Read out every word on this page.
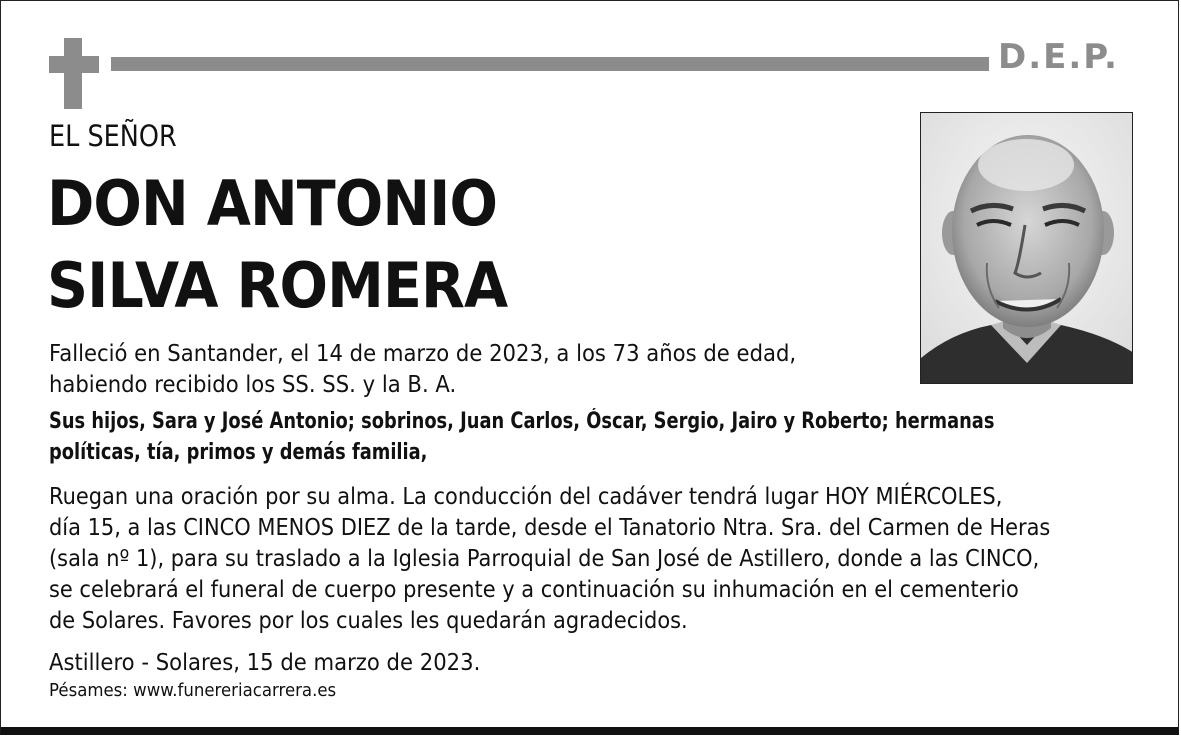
D.E.P.
EL SEÑOR
DON ANTONIO
SILVA ROMERA
Falleció en Santander, el 14 de marzo de 2023, a los 73 años de edad,
habiendo recibido los SS. SS. y la B. A.
Sus hijos, Sara y José Antonio; sobrinos, Juan Carlos, Óscar, Sergio, Jairo y Roberto; hermanas
políticas, tía, primos y demás familia,
Ruegan una oración por su alma. La conducción del cadáver tendrá lugar HOY MIÉRCOLES,
día 15, a las CINCO MENOS DIEZ de la tarde, desde el Tanatorio Ntra. Sra. del Carmen de Heras
(sala nº 1), para su traslado a la Iglesia Parroquial de San José de Astillero, donde a las CINCO,
se celebrará el funeral de cuerpo presente y a continuación su inhumación en el cementerio
de Solares. Favores por los cuales les quedarán agradecidos.
Astillero - Solares, 15 de marzo de 2023.
Pésames: www.funereriacarrera.es
